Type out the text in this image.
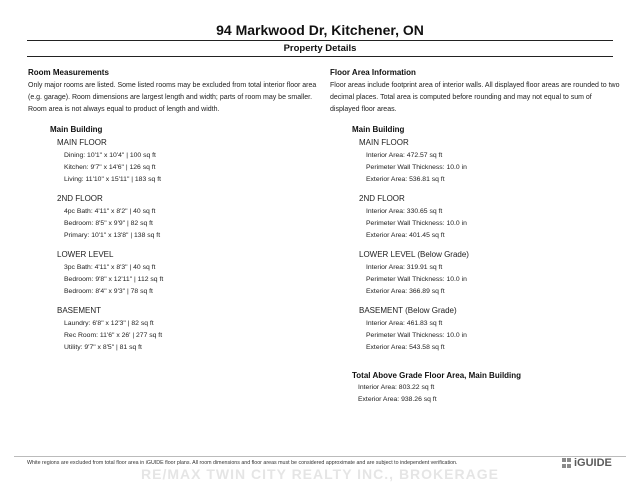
94 Markwood Dr, Kitchener, ON
Property Details
Room Measurements
Only major rooms are listed. Some listed rooms may be excluded from total interior floor area (e.g. garage). Room dimensions are largest length and width; parts of room may be smaller. Room area is not always equal to product of length and width.
Main Building
MAIN FLOOR
Dining: 10'1" x 10'4" | 100 sq ft
Kitchen: 9'7" x 14'6" | 126 sq ft
Living: 11'10" x 15'11" | 183 sq ft
2ND FLOOR
4pc Bath: 4'11" x 8'2" | 40 sq ft
Bedroom: 8'5" x 9'9" | 82 sq ft
Primary: 10'1" x 13'8" | 138 sq ft
LOWER LEVEL
3pc Bath: 4'11" x 8'3" | 40 sq ft
Bedroom: 9'8" x 12'11" | 112 sq ft
Bedroom: 8'4" x 9'3" | 78 sq ft
BASEMENT
Laundry: 6'8" x 12'3" | 82 sq ft
Rec Room: 11'6" x 26' | 277 sq ft
Utility: 9'7" x 8'5" | 81 sq ft
Floor Area Information
Floor areas include footprint area of interior walls. All displayed floor areas are rounded to two decimal places. Total area is computed before rounding and may not equal to sum of displayed floor areas.
Main Building
MAIN FLOOR
Interior Area: 472.57 sq ft
Perimeter Wall Thickness: 10.0 in
Exterior Area: 536.81 sq ft
2ND FLOOR
Interior Area: 330.65 sq ft
Perimeter Wall Thickness: 10.0 in
Exterior Area: 401.45 sq ft
LOWER LEVEL (Below Grade)
Interior Area: 319.91 sq ft
Perimeter Wall Thickness: 10.0 in
Exterior Area: 366.89 sq ft
BASEMENT (Below Grade)
Interior Area: 461.83 sq ft
Perimeter Wall Thickness: 10.0 in
Exterior Area: 543.58 sq ft
Total Above Grade Floor Area, Main Building
Interior Area: 803.22 sq ft
Exterior Area: 938.26 sq ft
White regions are excluded from total floor area in iGUIDE floor plans. All room dimensions and floor areas must be considered approximate and are subject to independent verification.
RE/MAX TWIN CITY REALTY INC., BROKERAGE
iGUIDE
